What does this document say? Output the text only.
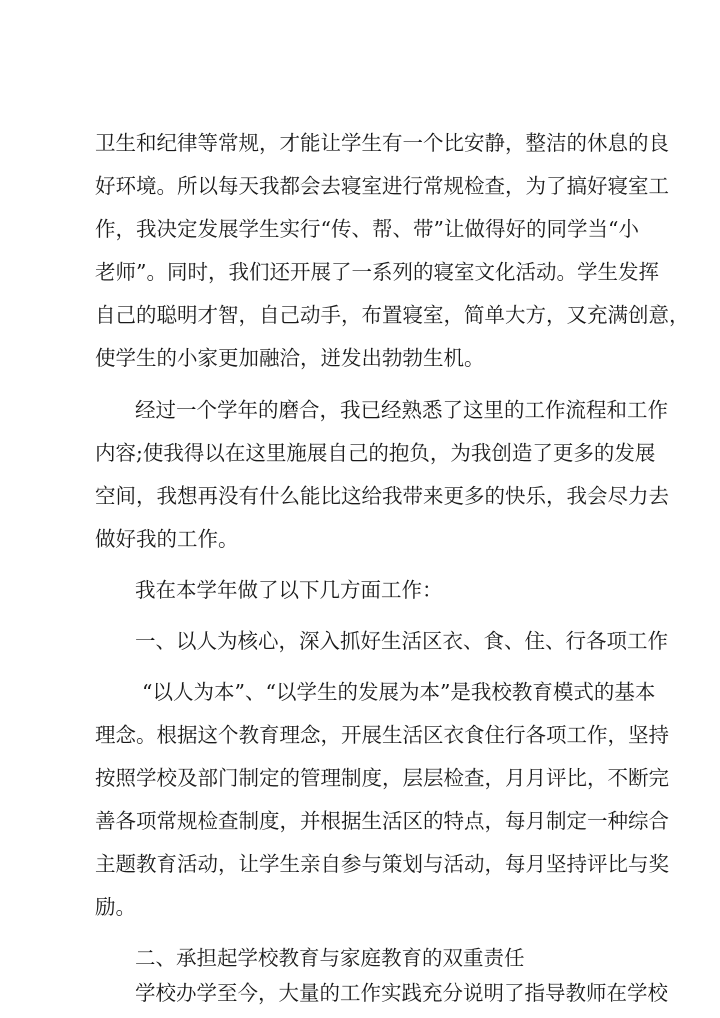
卫生和纪律等常规，才能让学生有一个比安静，整洁的休息的良
好环境。所以每天我都会去寝室进行常规检查，为了搞好寝室工
作，我决定发展学生实行“传、帮、带”让做得好的同学当“小
老师”。同时，我们还开展了一系列的寝室文化活动。学生发挥
自己的聪明才智，自己动手，布置寝室，简单大方，又充满创意，
使学生的小家更加融洽，迸发出勃勃生机。
经过一个学年的磨合，我已经熟悉了这里的工作流程和工作
内容;使我得以在这里施展自己的抱负，为我创造了更多的发展
空间，我想再没有什么能比这给我带来更多的快乐，我会尽力去
做好我的工作。
我在本学年做了以下几方面工作：
一、以人为核心，深入抓好生活区衣、食、住、行各项工作
“以人为本”、“以学生的发展为本”是我校教育模式的基本
理念。根据这个教育理念，开展生活区衣食住行各项工作，坚持
按照学校及部门制定的管理制度，层层检查，月月评比，不断完
善各项常规检查制度，并根据生活区的特点，每月制定一种综合
主题教育活动，让学生亲自参与策划与活动，每月坚持评比与奖
励。
二、承担起学校教育与家庭教育的双重责任
学校办学至今，大量的工作实践充分说明了指导教师在学校
